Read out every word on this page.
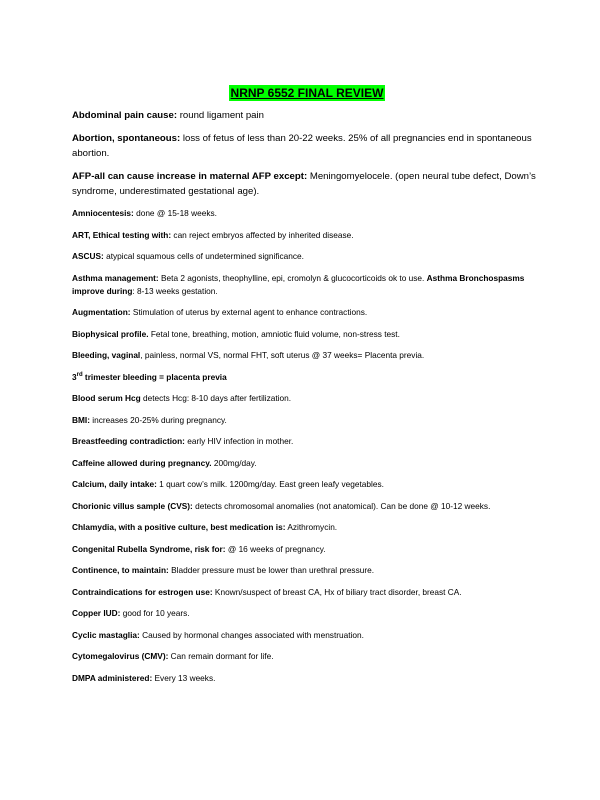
NRNP 6552 FINAL REVIEW

Abdominal pain cause: round ligament pain

Abortion, spontaneous: loss of fetus of less than 20-22 weeks. 25% of all pregnancies end in spontaneous abortion.

AFP-all can cause increase in maternal AFP except: Meningomyelocele. (open neural tube defect, Down’s syndrome, underestimated gestational age).

Amniocentesis: done @ 15-18 weeks.

ART, Ethical testing with: can reject embryos affected by inherited disease.

ASCUS: atypical squamous cells of undetermined significance.

Asthma management: Beta 2 agonists, theophylline, epi, cromolyn & glucocorticoids ok to use. Asthma Bronchospasms improve during: 8-13 weeks gestation.

Augmentation: Stimulation of uterus by external agent to enhance contractions.

Biophysical profile. Fetal tone, breathing, motion, amniotic fluid volume, non-stress test.

Bleeding, vaginal, painless, normal VS, normal FHT, soft uterus @ 37 weeks= Placenta previa.

3rd trimester bleeding = placenta previa

Blood serum Hcg detects Hcg: 8-10 days after fertilization.

BMI: increases 20-25% during pregnancy.

Breastfeeding contradiction: early HIV infection in mother.

Caffeine allowed during pregnancy. 200mg/day.

Calcium, daily intake: 1 quart cow’s milk. 1200mg/day. East green leafy vegetables.

Chorionic villus sample (CVS): detects chromosomal anomalies (not anatomical). Can be done @ 10-12 weeks.

Chlamydia, with a positive culture, best medication is: Azithromycin.

Congenital Rubella Syndrome, risk for: @ 16 weeks of pregnancy.

Continence, to maintain: Bladder pressure must be lower than urethral pressure.

Contraindications for estrogen use: Known/suspect of breast CA, Hx of biliary tract disorder, breast CA.

Copper IUD: good for 10 years.

Cyclic mastaglia: Caused by hormonal changes associated with menstruation.

Cytomegalovirus (CMV): Can remain dormant for life.

DMPA administered: Every 13 weeks.
